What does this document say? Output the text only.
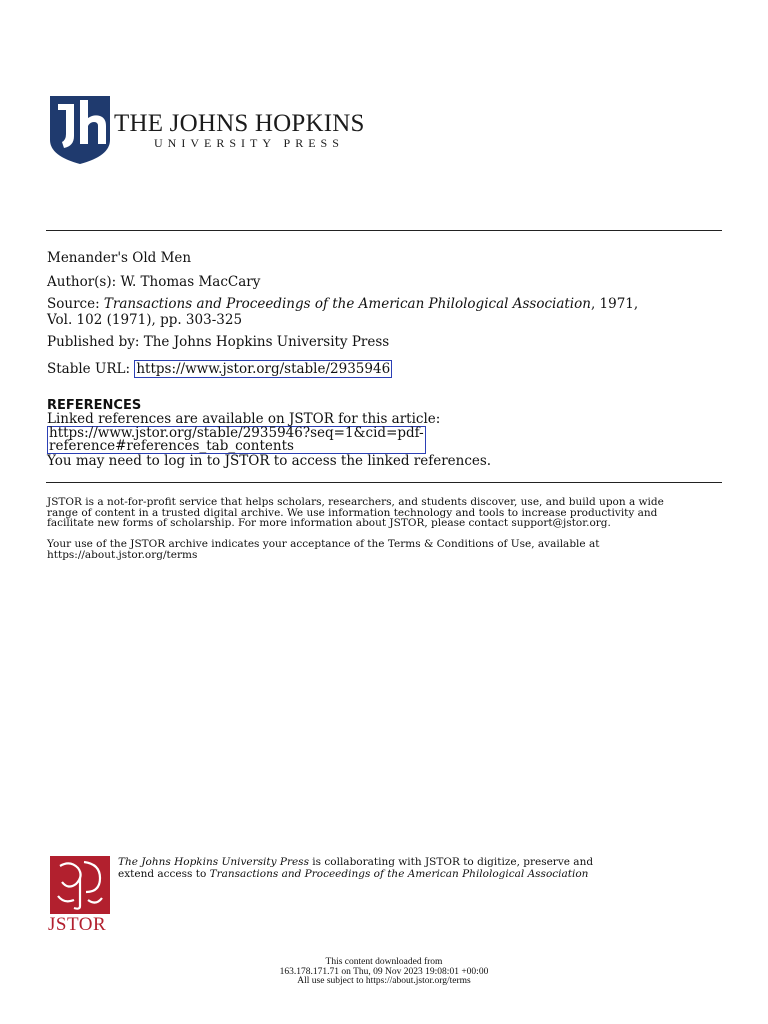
THE JOHNS HOPKINS
UNIVERSITY PRESS
Menander's Old Men
Author(s): W. Thomas MacCary
Source: Transactions and Proceedings of the American Philological Association, 1971,
Vol. 102 (1971), pp. 303-325
Published by: The Johns Hopkins University Press
Stable URL: https://www.jstor.org/stable/2935946
REFERENCES
Linked references are available on JSTOR for this article:
https://www.jstor.org/stable/2935946?seq=1&cid=pdf-
reference#references_tab_contents
You may need to log in to JSTOR to access the linked references.
JSTOR is a not-for-profit service that helps scholars, researchers, and students discover, use, and build upon a wide
range of content in a trusted digital archive. We use information technology and tools to increase productivity and
facilitate new forms of scholarship. For more information about JSTOR, please contact support@jstor.org.
Your use of the JSTOR archive indicates your acceptance of the Terms & Conditions of Use, available at
https://about.jstor.org/terms
JSTOR
The Johns Hopkins University Press is collaborating with JSTOR to digitize, preserve and
extend access to Transactions and Proceedings of the American Philological Association
This content downloaded from
163.178.171.71 on Thu, 09 Nov 2023 19:08:01 +00:00
All use subject to https://about.jstor.org/terms
